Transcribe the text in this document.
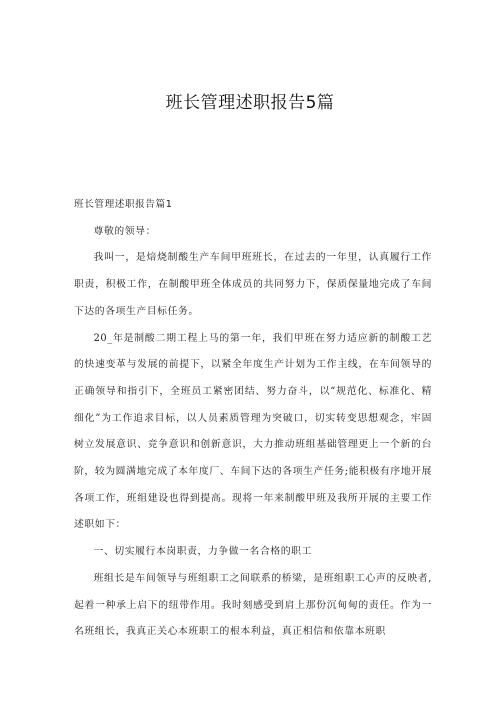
班长管理述职报告5篇

班长管理述职报告篇1

尊敬的领导：

我叫一，是焙烧制酸生产车间甲班班长，在过去的一年里，认真履行工作职责，积极工作，在制酸甲班全体成员的共同努力下，保质保量地完成了车间下达的各项生产目标任务。

20_年是制酸二期工程上马的第一年，我们甲班在努力适应新的制酸工艺的快速变革与发展的前提下，以紧全年度生产计划为工作主线，在车间领导的正确领导和指引下，全班员工紧密团结、努力奋斗，以“规范化、标准化、精细化”为工作追求目标，以人员素质管理为突破口，切实转变思想观念，牢固树立发展意识、竞争意识和创新意识，大力推动班组基础管理更上一个新的台阶，较为圆满地完成了本年度厂、车间下达的各项生产任务;能积极有序地开展各项工作，班组建设也得到提高。现将一年来制酸甲班及我所开展的主要工作述职如下：

一、切实履行本岗职责，力争做一名合格的职工

班组长是车间领导与班组职工之间联系的桥梁，是班组职工心声的反映者,起着一种承上启下的纽带作用。我时刻感受到肩上那份沉甸甸的责任。作为一名班组长，我真正关心本班职工的根本利益，真正相信和依靠本班职
